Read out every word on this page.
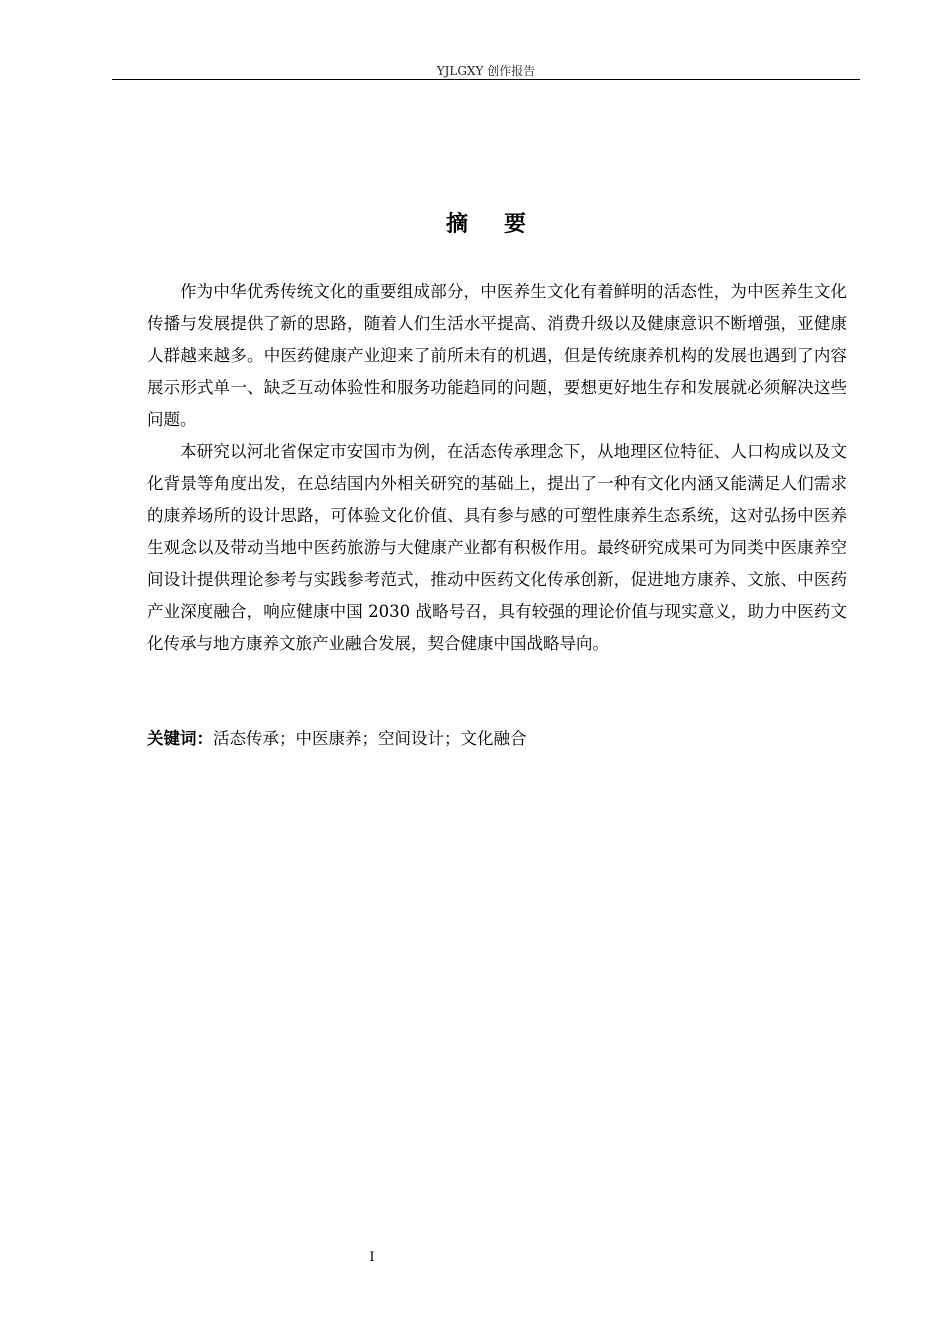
YJLGXY 创作报告
摘要

作为中华优秀传统文化的重要组成部分，中医养生文化有着鲜明的活态性，为中医养生文化传播与发展提供了新的思路，随着人们生活水平提高、消费升级以及健康意识不断增强，亚健康人群越来越多。中医药健康产业迎来了前所未有的机遇，但是传统康养机构的发展也遇到了内容展示形式单一、缺乏互动体验性和服务功能趋同的问题，要想更好地生存和发展就必须解决这些问题。

本研究以河北省保定市安国市为例，在活态传承理念下，从地理区位特征、人口构成以及文化背景等角度出发，在总结国内外相关研究的基础上，提出了一种有文化内涵又能满足人们需求的康养场所的设计思路，可体验文化价值、具有参与感的可塑性康养生态系统，这对弘扬中医养生观念以及带动当地中医药旅游与大健康产业都有积极作用。最终研究成果可为同类中医康养空间设计提供理论参考与实践参考范式，推动中医药文化传承创新，促进地方康养、文旅、中医药产业深度融合，响应健康中国 2030 战略号召，具有较强的理论价值与现实意义，助力中医药文化传承与地方康养文旅产业融合发展，契合健康中国战略导向。

关键词：活态传承；中医康养；空间设计；文化融合
I
